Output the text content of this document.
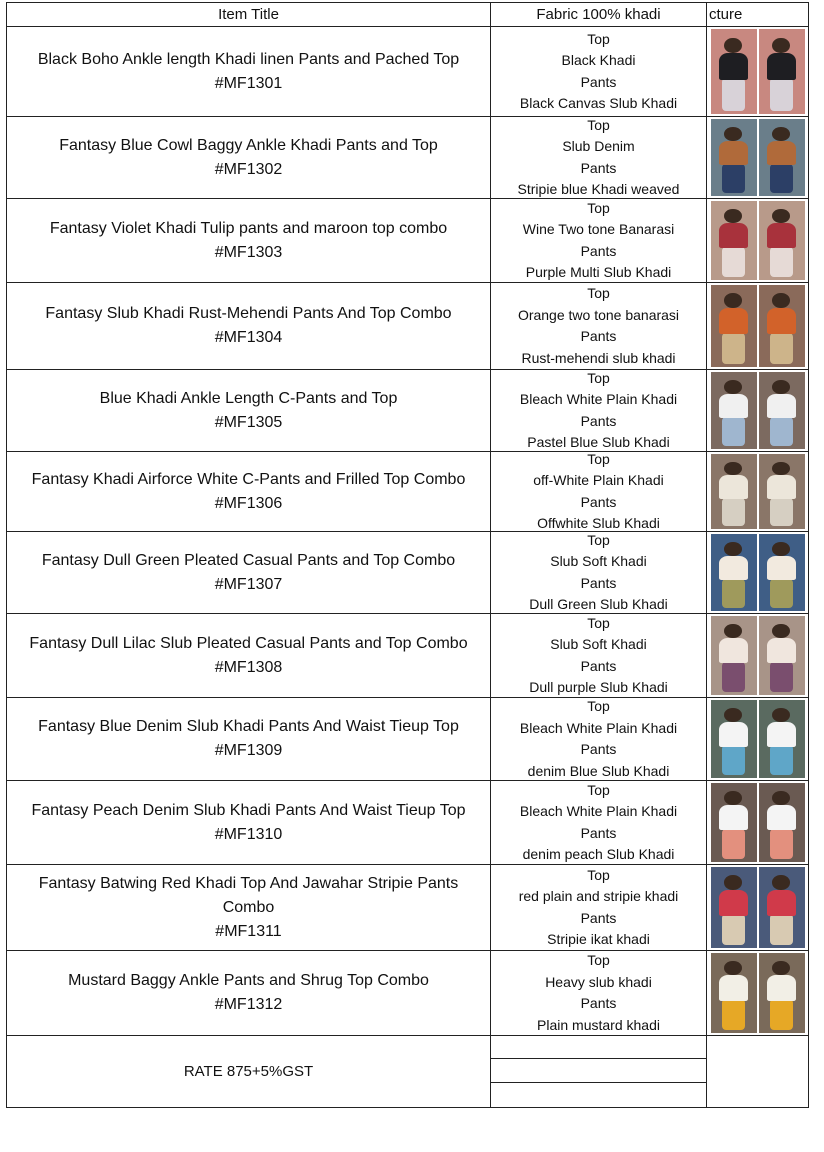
Item Title	Fabric 100% khadi	cture
Black Boho Ankle length Khadi linen Pants and Pached Top
#MF1301
Top
Black Khadi
Pants
Black Canvas Slub Khadi
Fantasy Blue Cowl Baggy Ankle Khadi Pants and Top
#MF1302
Top
Slub Denim
Pants
Stripie blue Khadi weaved
Fantasy Violet Khadi Tulip pants and maroon top combo
#MF1303
Top
Wine Two tone Banarasi
Pants
Purple Multi Slub Khadi
Fantasy Slub Khadi Rust-Mehendi Pants And Top Combo
#MF1304
Top
Orange two tone banarasi
Pants
Rust-mehendi slub khadi
Blue Khadi Ankle Length C-Pants and Top
#MF1305
Top
Bleach White Plain Khadi
Pants
Pastel Blue Slub Khadi
Fantasy Khadi Airforce White C-Pants and Frilled Top Combo
#MF1306
Top
off-White Plain Khadi
Pants
Offwhite Slub Khadi
Fantasy Dull Green Pleated Casual Pants and Top Combo
#MF1307
Top
Slub Soft Khadi
Pants
Dull Green Slub Khadi
Fantasy Dull Lilac Slub Pleated Casual Pants and Top Combo
#MF1308
Top
Slub Soft Khadi
Pants
Dull purple Slub Khadi
Fantasy Blue Denim Slub Khadi Pants And Waist Tieup Top
#MF1309
Top
Bleach White Plain Khadi
Pants
denim Blue Slub Khadi
Fantasy Peach Denim Slub Khadi Pants And Waist Tieup Top
#MF1310
Top
Bleach White Plain Khadi
Pants
denim peach Slub Khadi
Fantasy Batwing Red Khadi Top And Jawahar Stripie Pants
Combo
#MF1311
Top
red plain and stripie khadi
Pants
Stripie ikat khadi
Mustard Baggy Ankle Pants and Shrug Top Combo
#MF1312
Top
Heavy slub khadi
Pants
Plain mustard khadi
RATE 875+5%GST
